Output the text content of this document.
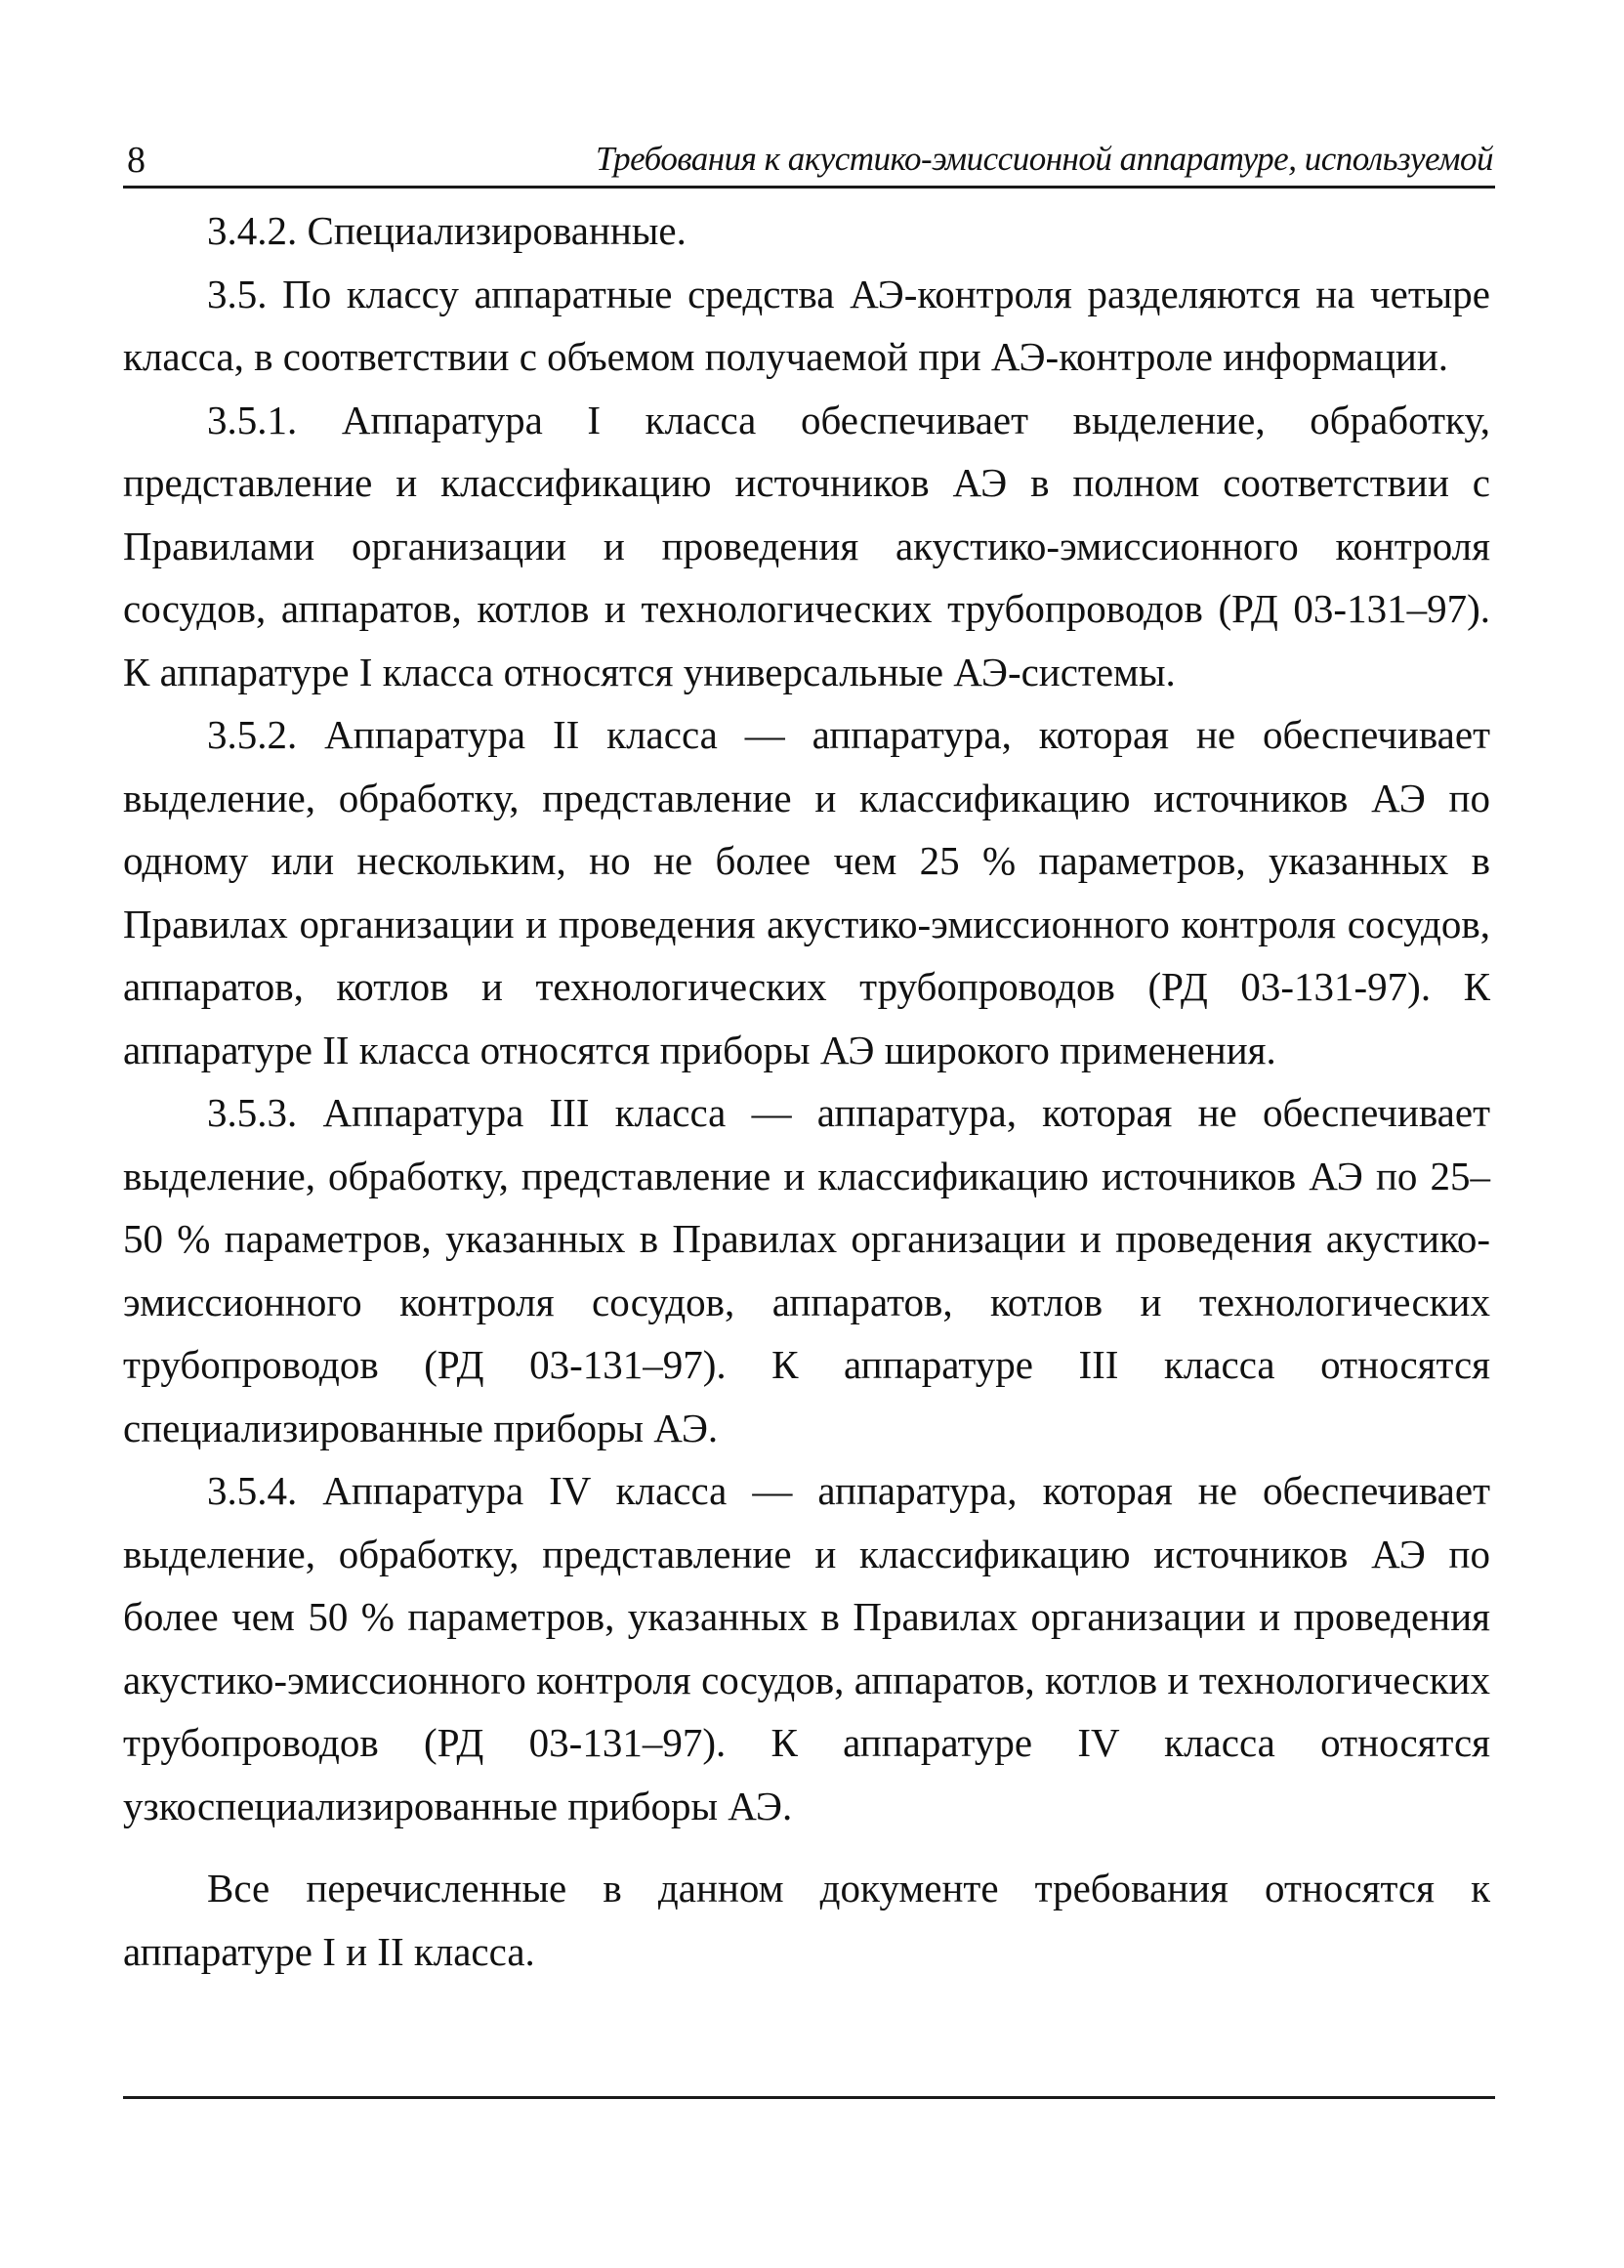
8	Требования к акустико-эмиссионной аппаратуре, используемой

3.4.2. Специализированные.

3.5. По классу аппаратные средства АЭ-контроля разделяются на четыре класса, в соответствии с объемом получаемой при АЭ-контроле информации.

3.5.1. Аппаратура I класса обеспечивает выделение, обработку, представление и классификацию источников АЭ в полном соответствии с Правилами организации и проведения акустико-эмиссионного контроля сосудов, аппаратов, котлов и технологических трубопроводов (РД 03-131–97). К аппаратуре I класса относятся универсальные АЭ-системы.

3.5.2. Аппаратура II класса — аппаратура, которая не обеспечивает выделение, обработку, представление и классификацию источников АЭ по одному или нескольким, но не более чем 25 % параметров, указанных в Правилах организации и проведения акустико-эмиссионного контроля сосудов, аппаратов, котлов и технологических трубопроводов (РД 03-131-97). К аппаратуре II класса относятся приборы АЭ широкого применения.

3.5.3. Аппаратура III класса — аппаратура, которая не обеспечивает выделение, обработку, представление и классификацию источников АЭ по 25–50 % параметров, указанных в Правилах организации и проведения акустико-эмиссионного контроля сосудов, аппаратов, котлов и технологических трубопроводов (РД 03-131–97). К аппаратуре III класса относятся специализированные приборы АЭ.

3.5.4. Аппаратура IV класса — аппаратура, которая не обеспечивает выделение, обработку, представление и классификацию источников АЭ по более чем 50 % параметров, указанных в Правилах организации и проведения акустико-эмиссионного контроля сосудов, аппаратов, котлов и технологических трубопроводов (РД 03-131–97). К аппаратуре IV класса относятся узкоспециализированные приборы АЭ.

Все перечисленные в данном документе требования относятся к аппаратуре I и II класса.
